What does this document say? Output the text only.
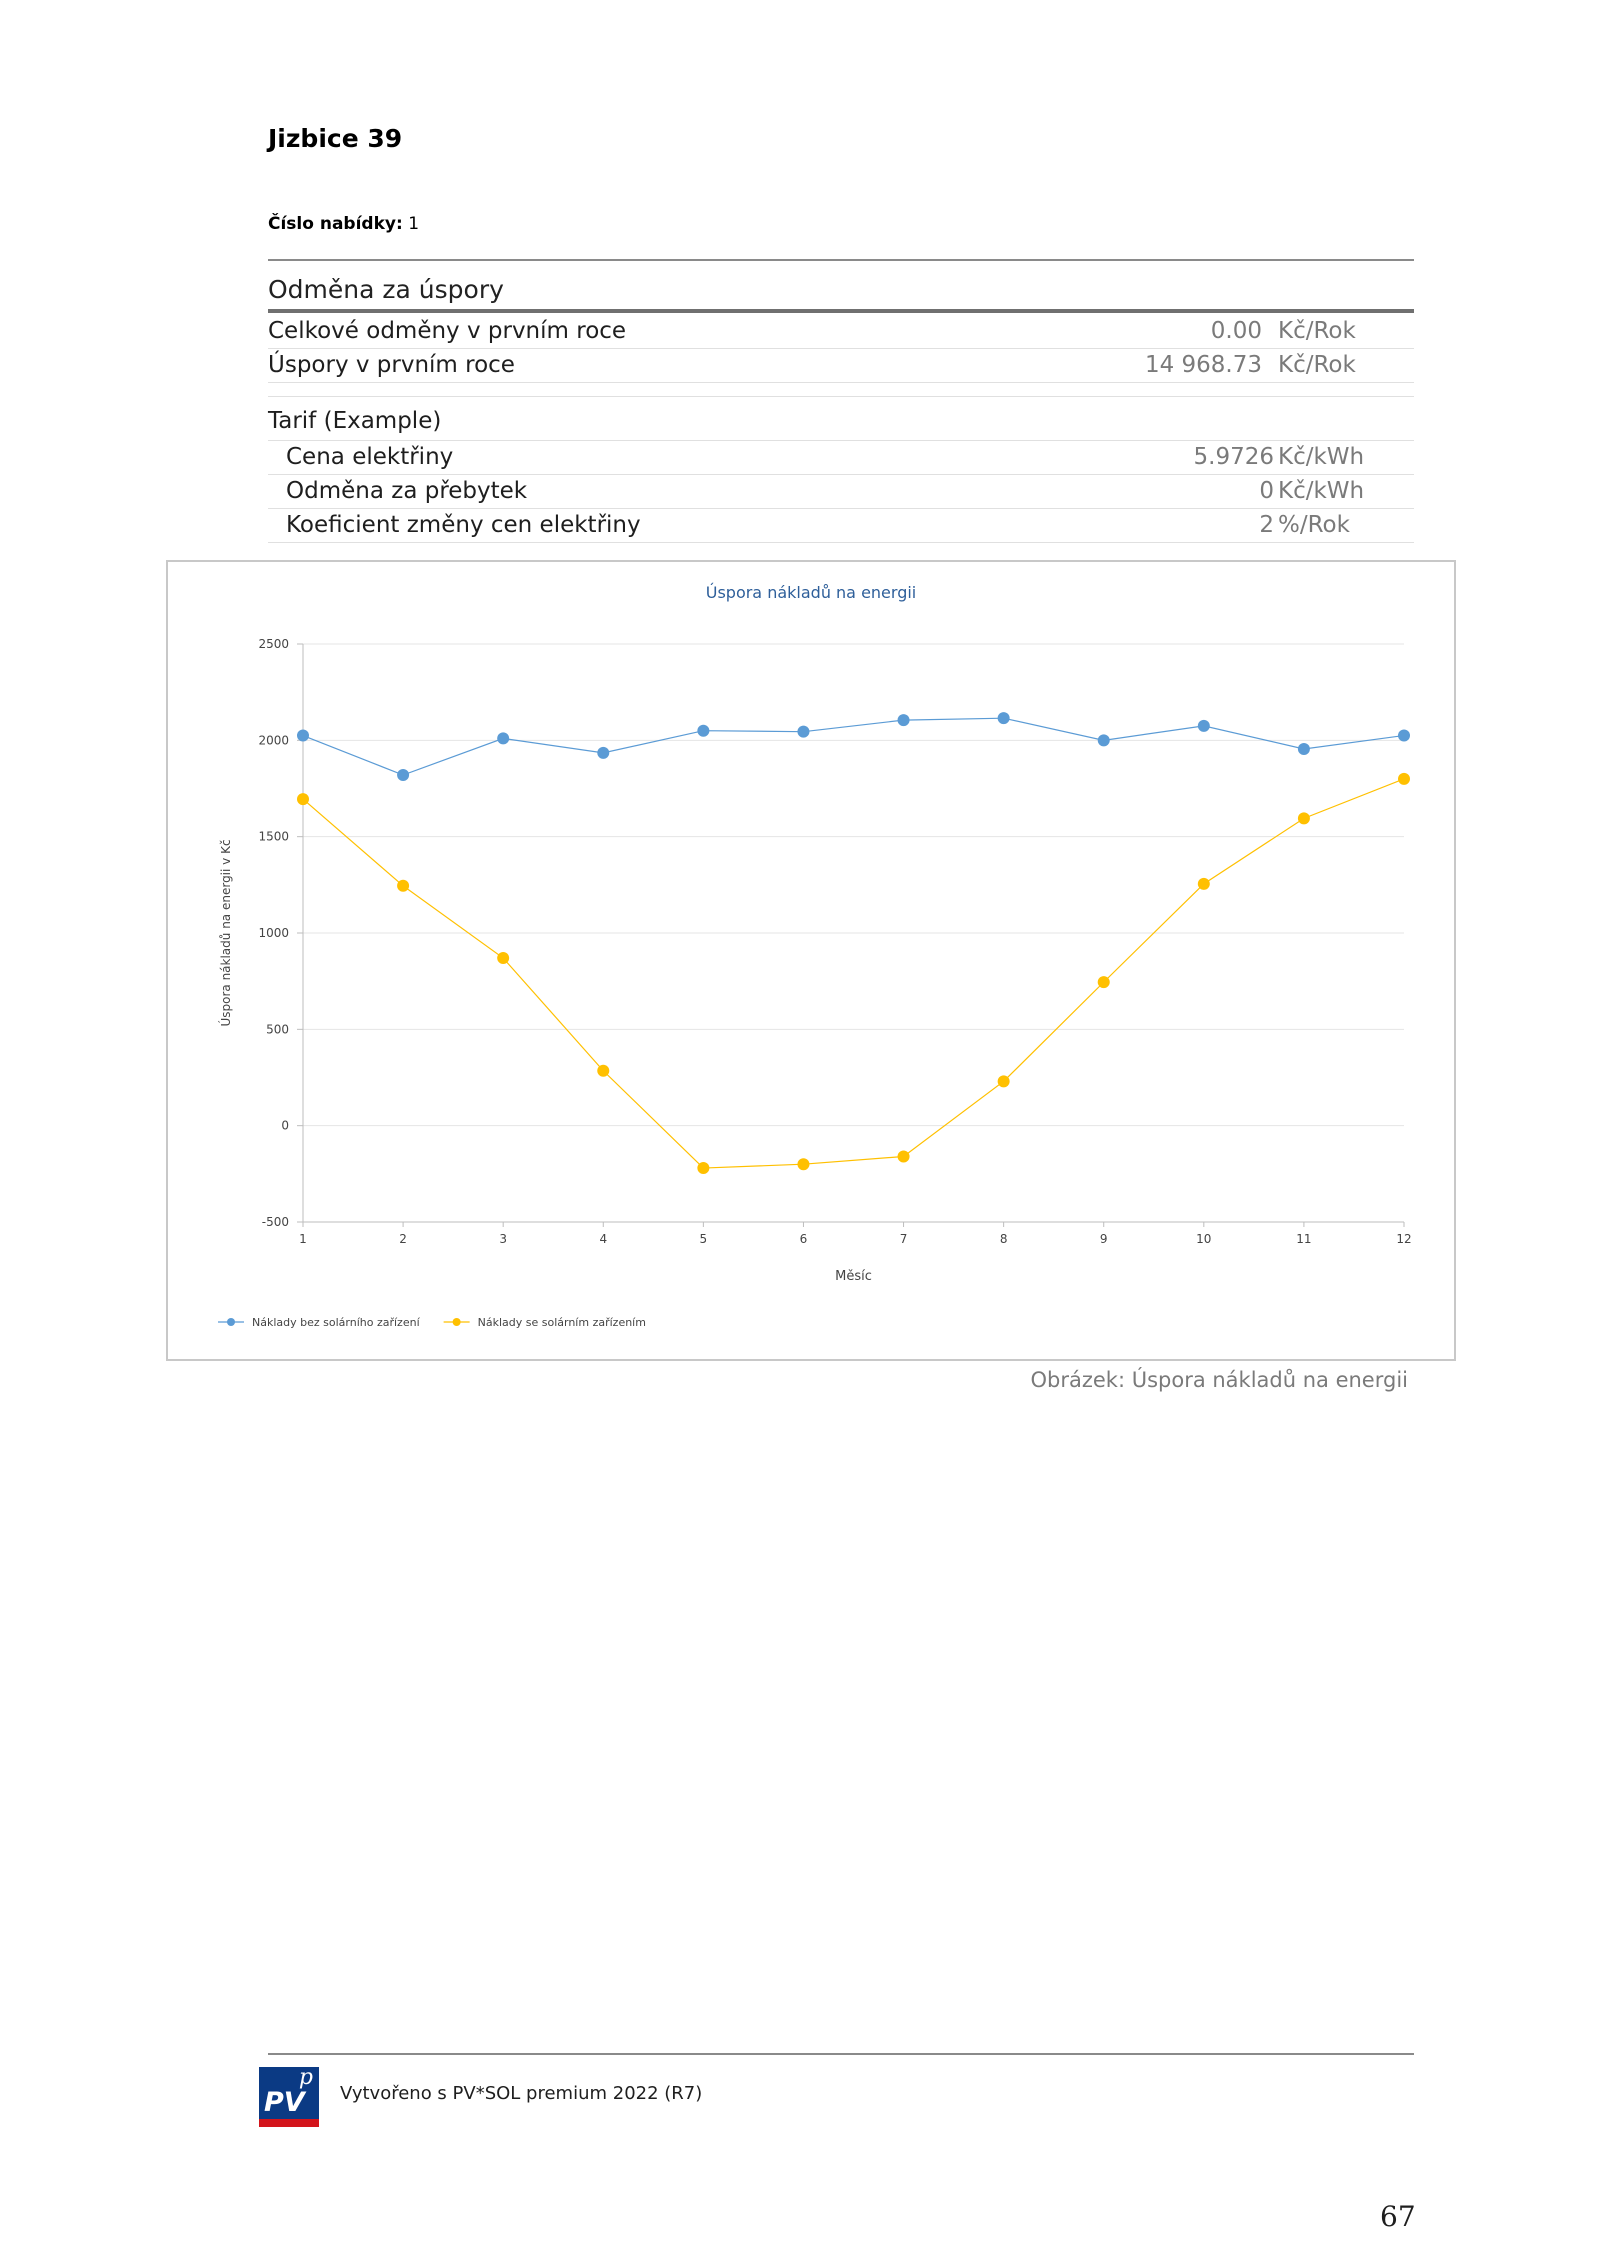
Jizbice 39
Číslo nabídky: 1
Odměna za úspory
Celkové odměny v prvním roce	0.00 Kč/Rok
Úspory v prvním roce	14 968.73 Kč/Rok
Tarif (Example)
Cena elektřiny	5.9726 Kč/kWh
Odměna za přebytek	0 Kč/kWh
Koeficient změny cen elektřiny	2 %/Rok
Úspora nákladů na energii
-500
0
500
1000
1500
2000
2500
1	2	3	4	5	6	7	8	9	10	11	12
Měsíc
Úspora nákladů na energii v Kč
Náklady bez solárního zařízení	Náklady se solárním zařízením
Obrázek: Úspora nákladů na energii
p
PV Vytvořeno s PV*SOL premium 2022 (R7)
67
